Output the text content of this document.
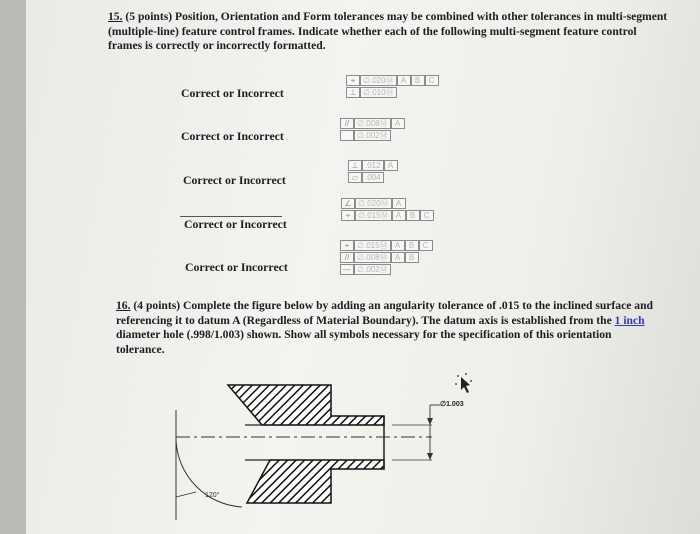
15. (5 points) Position, Orientation and Form tolerances may be combined with other tolerances in multi-segment (multiple-line) feature control frames. Indicate whether each of the following multi-segment feature control frames is correctly or incorrectly formatted.
Correct or Incorrect
Correct or Incorrect
Correct or Incorrect
Correct or Incorrect
Correct or Incorrect
⌖ ∅.020Ⓜ A	B	C
⊥ ∅.010Ⓜ
// ∅.008Ⓜ A
∅.002Ⓜ
⊥ .012 A
⏥ .004
∠ ∅.020Ⓜ A
⌖ ∅.015Ⓜ A	B	C
⌖ ∅.015Ⓜ A	B	C
// ∅.008Ⓜ A	B
— ∅.002Ⓜ
16. (4 points) Complete the figure below by adding an angularity tolerance of .015 to the inclined surface and referencing it to datum A (Regardless of Material Boundary). The datum axis is established from the 1 inch diameter hole (.998/1.003) shown. Show all symbols necessary for the specification of this orientation tolerance.
120°
∅1.003
